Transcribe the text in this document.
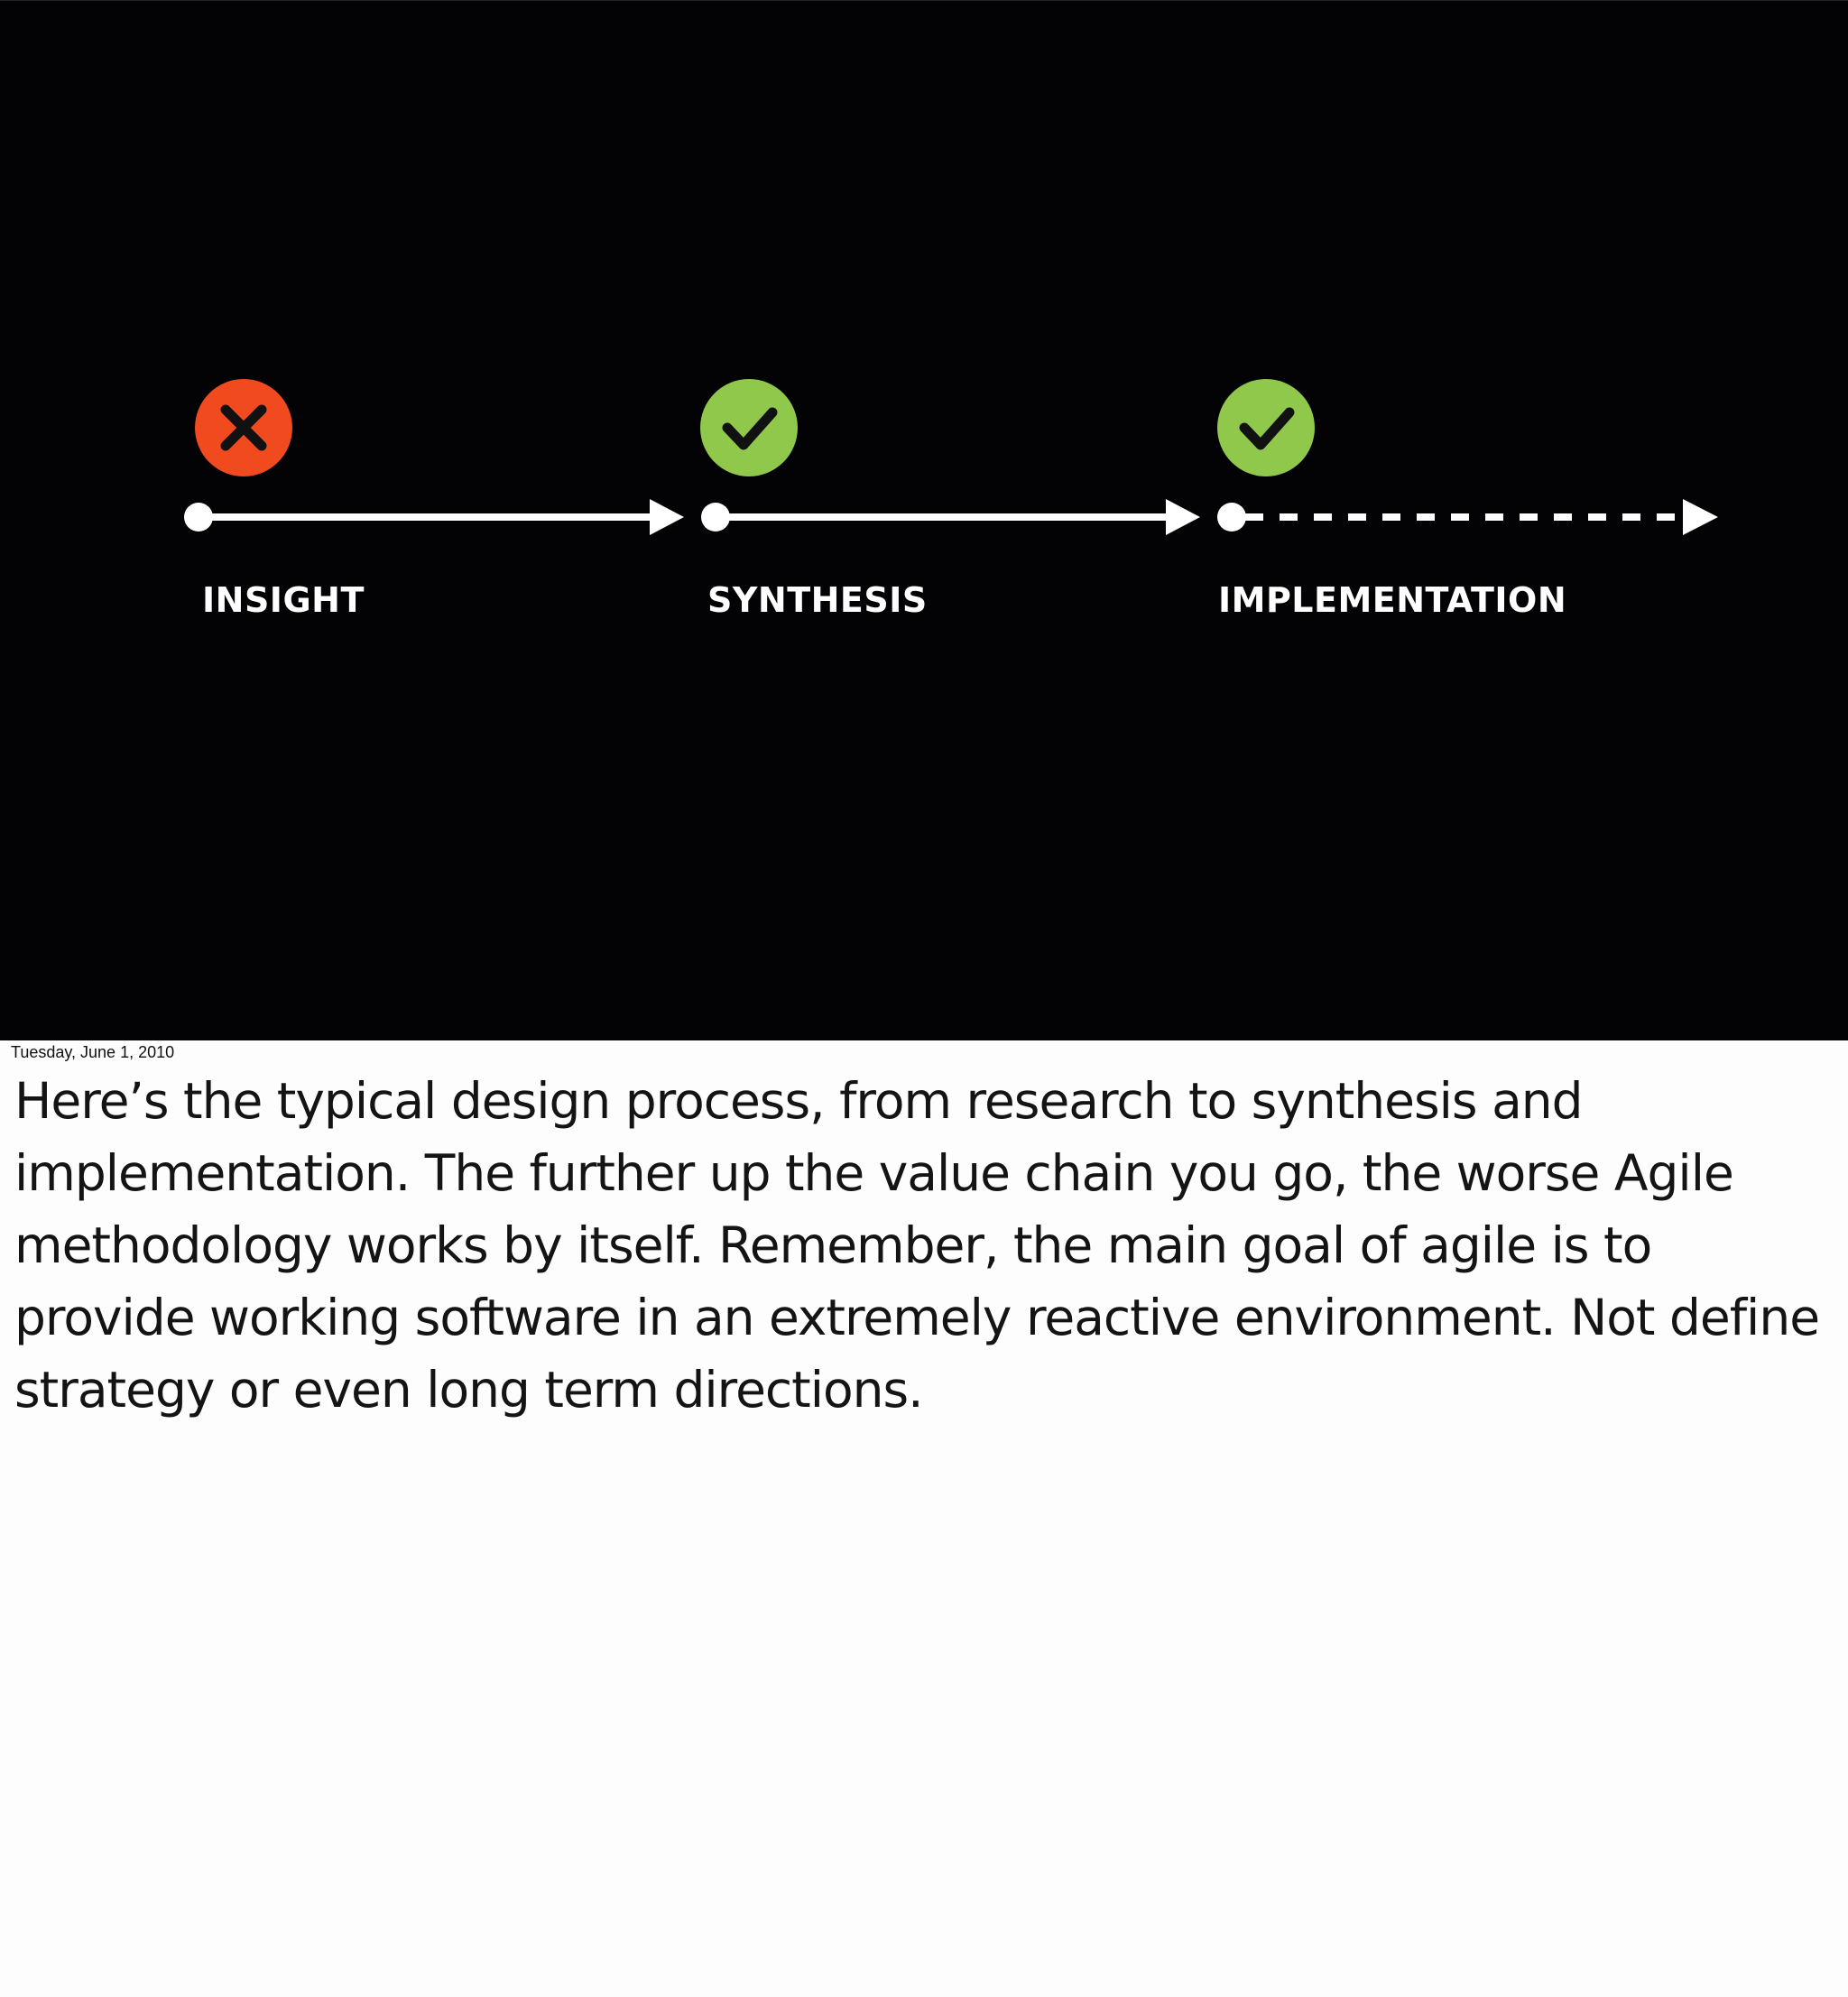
INSIGHT	SYNTHESIS	IMPLEMENTATION

Tuesday, June 1, 2010

Here’s the typical design process, from research to synthesis and implementation. The further up the value chain you go, the worse Agile methodology works by itself. Remember, the main goal of agile is to provide working software in an extremely reactive environment. Not define strategy or even long term directions.
